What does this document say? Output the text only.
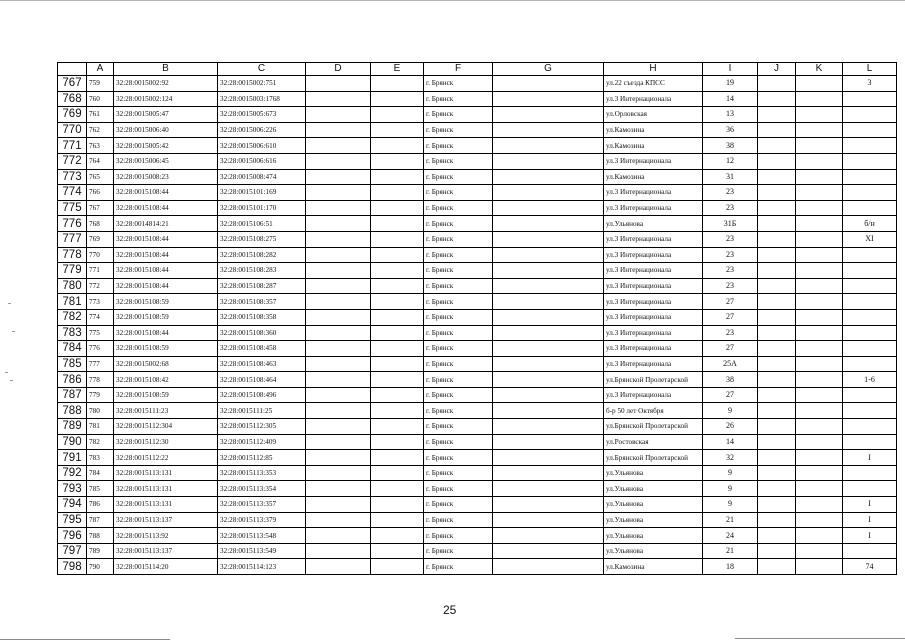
	A	B	C	D	E	F	G	H	I	J	K	L
767	759	32:28:0015002:92	32:28:0015002:751			г. Брянск		ул.22 съезда КПСС	19			3
768	760	32:28:0015002:124	32:28:0015003:1768			г. Брянск		ул.3 Интернационала	14			
769	761	32:28:0015005:47	32:28:0015005:673			г. Брянск		ул.Орловская	13			
770	762	32:28:0015006:40	32:28:0015006:226			г. Брянск		ул.Камозина	36			
771	763	32:28:0015005:42	32:28:0015006:610			г. Брянск		ул.Камозина	38			
772	764	32:28:0015006:45	32:28:0015006:616			г. Брянск		ул.3 Интернационала	12			
773	765	32:28:0015008:23	32:28:0015008:474			г. Брянск		ул.Камозина	31			
774	766	32:28:0015108:44	32:28:0015101:169			г. Брянск		ул.3 Интернационала	23			
775	767	32:28:0015108:44	32:28:0015101:170			г. Брянск		ул.3 Интернационала	23			
776	768	32:28:0014814:21	32:28:0015106:51			г. Брянск		ул.Ульянова	31Б			б/н
777	769	32:28:0015108:44	32:28:0015108:275			г. Брянск		ул.3 Интернационала	23			XI
778	770	32:28:0015108:44	32:28:0015108:282			г. Брянск		ул.3 Интернационала	23			
779	771	32:28:0015108:44	32:28:0015108:283			г. Брянск		ул.3 Интернационала	23			
780	772	32:28:0015108:44	32:28:0015108:287			г. Брянск		ул.3 Интернационала	23			
781	773	32:28:0015108:59	32:28:0015108:357			г. Брянск		ул.3 Интернационала	27			
782	774	32:28:0015108:59	32:28:0015108:358			г. Брянск		ул.3 Интернационала	27			
783	775	32:28:0015108:44	32:28:0015108:360			г. Брянск		ул.3 Интернационала	23			
784	776	32:28:0015108:59	32:28:0015108:458			г. Брянск		ул.3 Интернационала	27			
785	777	32:28:0015002:68	32:28:0015108:463			г. Брянск		ул.3 Интернационала	25А			
786	778	32:28:0015108:42	32:28:0015108:464			г. Брянск		ул.Брянской Пролетарской	38			1-6
787	779	32:28:0015108:59	32:28:0015108:496			г. Брянск		ул.3 Интернационала	27			
788	780	32:28:0015111:23	32:28:0015111:25			г. Брянск		б-р 50 лет Октября	9			
789	781	32:28:0015112:304	32:28:0015112:305			г. Брянск		ул.Брянской Пролетарской	26			
790	782	32:28:0015112:30	32:28:0015112:409			г. Брянск		ул.Ростовская	14			
791	783	32:28:0015112:22	32:28:0015112:85			г. Брянск		ул.Брянской Пролетарской	32			I
792	784	32:28:0015113:131	32:28:0015113:353			г. Брянск		ул.Ульянова	9			
793	785	32:28:0015113:131	32:28:0015113:354			г. Брянск		ул.Ульянова	9			
794	786	32:28:0015113:131	32:28:0015113:357			г. Брянск		ул.Ульянова	9			I
795	787	32:28:0015113:137	32:28:0015113:379			г. Брянск		ул.Ульянова	21			I
796	788	32:28:0015113:92	32:28:0015113:548			г. Брянск		ул.Ульянова	24			I
797	789	32:28:0015113:137	32:28:0015113:549			г. Брянск		ул.Ульянова	21			
798	790	32:28:0015114:20	32:28:0015114:123			г. Брянск		ул.Камозина	18			74
25
